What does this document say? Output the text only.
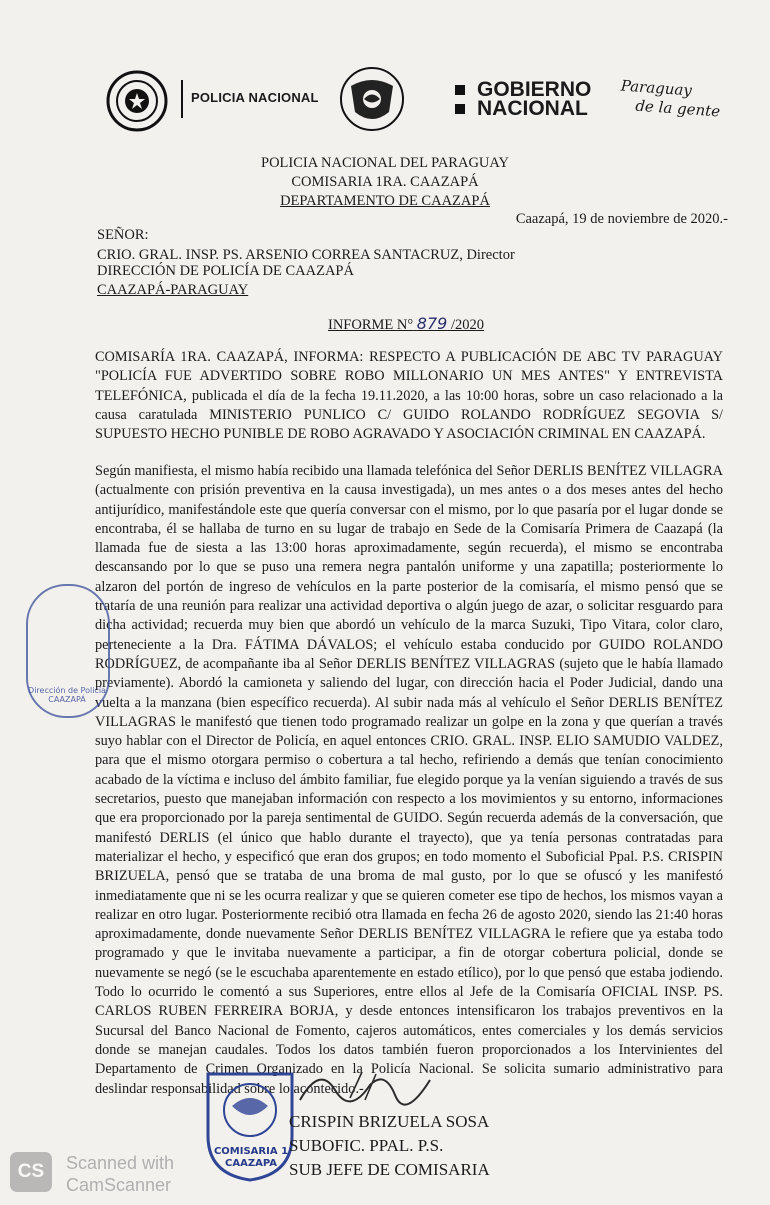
POLICIA NACIONAL	GOBIERNO
NACIONAL
Paraguay
de la gente
POLICIA NACIONAL DEL PARAGUAY
COMISARIA 1RA. CAAZAPÁ
DEPARTAMENTO DE CAAZAPÁ
Caazapá, 19 de noviembre de 2020.-
SEÑOR:
CRIO. GRAL. INSP. PS. ARSENIO CORREA SANTACRUZ, Director
DIRECCIÓN DE POLICÍA DE CAAZAPÁ
CAAZAPÁ-PARAGUAY
INFORME N° 879 /2020

COMISARÍA 1RA. CAAZAPÁ, INFORMA: RESPECTO A PUBLICACIÓN DE ABC TV PARAGUAY "POLICÍA FUE ADVERTIDO SOBRE ROBO MILLONARIO UN MES ANTES" Y ENTREVISTA TELEFÓNICA, publicada el día de la fecha 19.11.2020, a las 10:00 horas, sobre un caso relacionado a la causa caratulada MINISTERIO PUNLICO C/ GUIDO ROLANDO RODRÍGUEZ SEGOVIA S/ SUPUESTO HECHO PUNIBLE DE ROBO AGRAVADO Y ASOCIACIÓN CRIMINAL EN CAAZAPÁ.

Según manifiesta, el mismo había recibido una llamada telefónica del Señor DERLIS BENÍTEZ VILLAGRA (actualmente con prisión preventiva en la causa investigada), un mes antes o a dos meses antes del hecho antijurídico, manifestándole este que quería conversar con el mismo, por lo que pasaría por el lugar donde se encontraba, él se hallaba de turno en su lugar de trabajo en Sede de la Comisaría Primera de Caazapá (la llamada fue de siesta a las 13:00 horas aproximadamente, según recuerda), el mismo se encontraba descansando por lo que se puso una remera negra pantalón uniforme y una zapatilla; posteriormente lo alzaron del portón de ingreso de vehículos en la parte posterior de la comisaría, el mismo pensó que se trataría de una reunión para realizar una actividad deportiva o algún juego de azar, o solicitar resguardo para dicha actividad; recuerda muy bien que abordó un vehículo de la marca Suzuki, Tipo Vitara, color claro, perteneciente a la Dra. FÁTIMA DÁVALOS; el vehículo estaba conducido por GUIDO ROLANDO RODRÍGUEZ, de acompañante iba al Señor DERLIS BENÍTEZ VILLAGRAS (sujeto que le había llamado previamente). Abordó la camioneta y saliendo del lugar, con dirección hacia el Poder Judicial, dando una vuelta a la manzana (bien específico recuerda). Al subir nada más al vehículo el Señor DERLIS BENÍTEZ VILLAGRAS le manifestó que tienen todo programado realizar un golpe en la zona y que querían a través suyo hablar con el Director de Policía, en aquel entonces CRIO. GRAL. INSP. ELIO SAMUDIO VALDEZ, para que el mismo otorgara permiso o cobertura a tal hecho, refiriendo a demás que tenían conocimiento acabado de la víctima e incluso del ámbito familiar, fue elegido porque ya la venían siguiendo a través de sus secretarios, puesto que manejaban información con respecto a los movimientos y su entorno, informaciones que era proporcionado por la pareja sentimental de GUIDO. Según recuerda además de la conversación, que manifestó DERLIS (el único que hablo durante el trayecto), que ya tenía personas contratadas para materializar el hecho, y especificó que eran dos grupos; en todo momento el Suboficial Ppal. P.S. CRISPIN BRIZUELA, pensó que se trataba de una broma de mal gusto, por lo que se ofuscó y les manifestó inmediatamente que ni se les ocurra realizar y que se quieren cometer ese tipo de hechos, los mismos vayan a realizar en otro lugar. Posteriormente recibió otra llamada en fecha 26 de agosto 2020, siendo las 21:40 horas aproximadamente, donde nuevamente Señor DERLIS BENÍTEZ VILLAGRA le refiere que ya estaba todo programado y que le invitaba nuevamente a participar, a fin de otorgar cobertura policial, donde se nuevamente se negó (se le escuchaba aparentemente en estado etílico), por lo que pensó que estaba jodiendo. Todo lo ocurrido le comentó a sus Superiores, entre ellos al Jefe de la Comisaría OFICIAL INSP. PS. CARLOS RUBEN FERREIRA BORJA, y desde entonces intensificaron los trabajos preventivos en la Sucursal del Banco Nacional de Fomento, cajeros automáticos, entes comerciales y los demás servicios donde se manejan caudales. Todos los datos también fueron proporcionados a los Intervinientes del Departamento de Crimen Organizado en la Policía Nacional. Se solicita sumario administrativo para deslindar responsabilidad sobre lo acontecido.-

Dirección de Policía CAAZAPÁ
COMISARIA 1
CAAZAPA
CRISPIN BRIZUELA SOSA
SUBOFIC. PPAL. P.S.
SUB JEFE DE COMISARIA
CS	Scanned with
CamScanner
